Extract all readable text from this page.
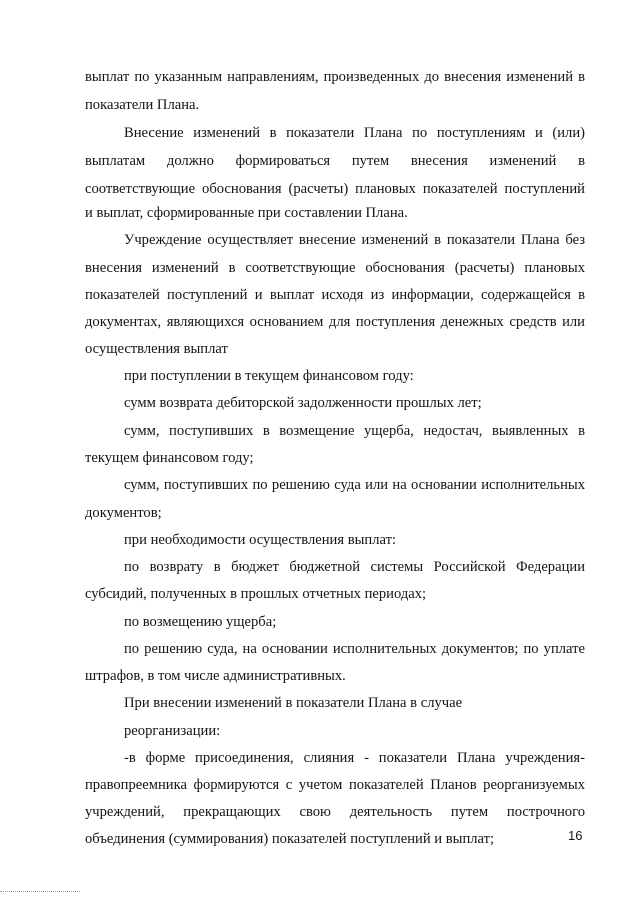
выплат по указанным направлениям, произведенных до внесения изменений в
показатели Плана.
Внесение изменений в показатели Плана по поступлениям и (или)
выплатам должно формироваться путем внесения изменений в
соответствующие обоснования (расчеты) плановых показателей поступлений
и выплат, сформированные при составлении Плана.
Учреждение осуществляет внесение изменений в показатели Плана без
внесения изменений в соответствующие обоснования (расчеты) плановых
показателей поступлений и выплат исходя из информации, содержащейся в
документах, являющихся основанием для поступления денежных средств или
осуществления выплат
при поступлении в текущем финансовом году:
сумм возврата дебиторской задолженности прошлых лет;
сумм, поступивших в возмещение ущерба, недостач, выявленных в
текущем финансовом году;
сумм, поступивших по решению суда или на основании исполнительных
документов;
при необходимости осуществления выплат:
по возврату в бюджет бюджетной системы Российской Федерации
субсидий, полученных в прошлых отчетных периодах;
по возмещению ущерба;
по решению суда, на основании исполнительных документов; по уплате
штрафов, в том числе административных.
При внесении изменений в показатели Плана в случае
реорганизации:
-в форме присоединения, слияния - показатели Плана учреждения-
правопреемника формируются с учетом показателей Планов реорганизуемых
учреждений, прекращающих свою деятельность путем построчного
объединения (суммирования) показателей поступлений и выплат;	16
